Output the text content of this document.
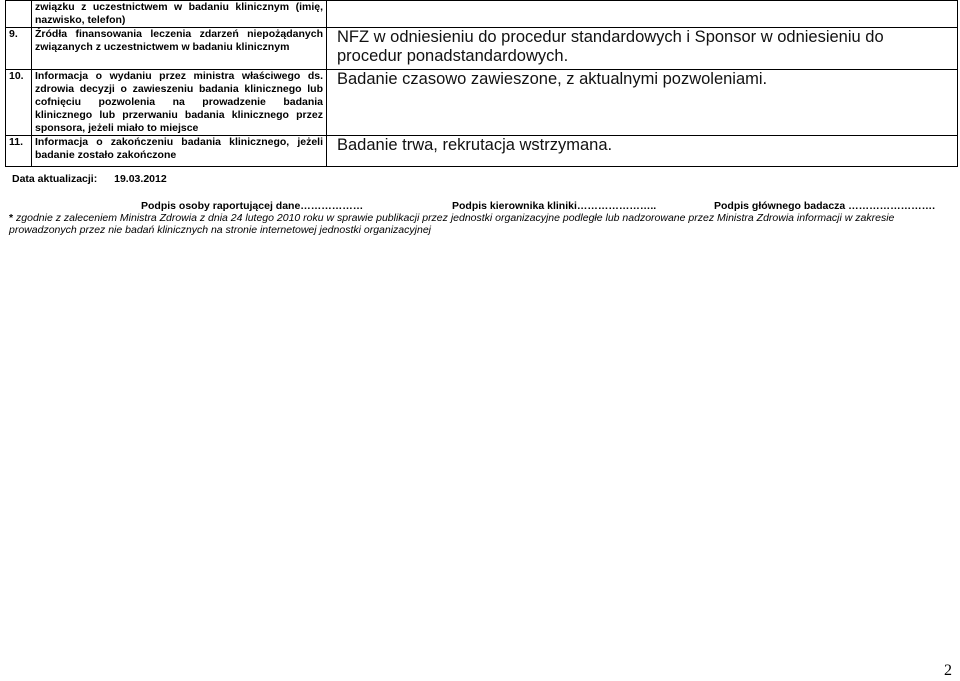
	związku z uczestnictwem w badaniu klinicznym (imię, nazwisko, telefon)	
9.	Źródła finansowania leczenia zdarzeń niepożądanych związanych z uczestnictwem w badaniu klinicznym	NFZ w odniesieniu do procedur standardowych i Sponsor w odniesieniu do procedur ponadstandardowych.
10.	Informacja o wydaniu przez ministra właściwego ds. zdrowia decyzji o zawieszeniu badania klinicznego lub cofnięciu pozwolenia na prowadzenie badania klinicznego lub przerwaniu badania klinicznego przez sponsora, jeżeli miało to miejsce	Badanie czasowo zawieszone, z aktualnymi pozwoleniami.
11.	Informacja o zakończeniu badania klinicznego, jeżeli badanie zostało zakończone	Badanie trwa, rekrutacja wstrzymana.
Data aktualizacji: 19.03.2012
Podpis osoby raportującej dane………………	Podpis kierownika kliniki…………………..	Podpis głównego badacza …………………….
* zgodnie z zaleceniem Ministra Zdrowia z dnia 24 lutego 2010 roku w sprawie publikacji przez jednostki organizacyjne podległe lub nadzorowane przez Ministra Zdrowia informacji w zakresie prowadzonych przez nie badań klinicznych na stronie internetowej jednostki organizacyjnej
2
